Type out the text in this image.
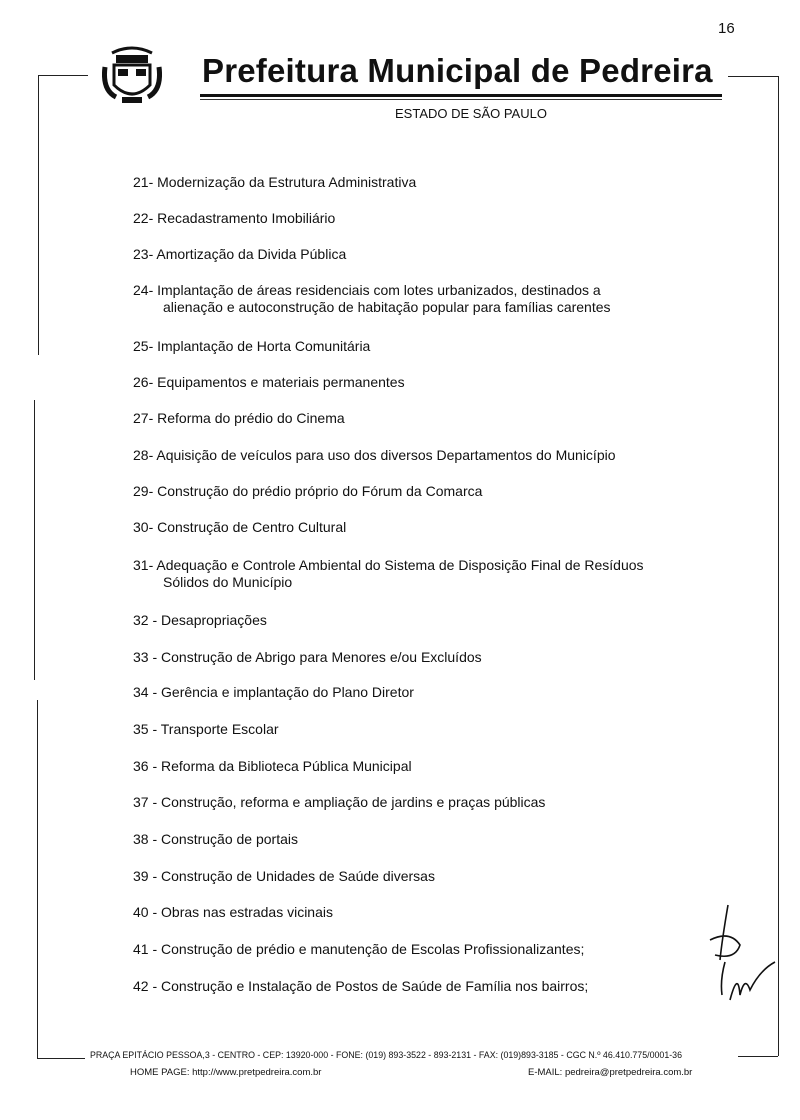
16
Prefeitura Municipal de Pedreira
ESTADO DE SÃO PAULO
21- Modernização da Estrutura Administrativa
22- Recadastramento Imobiliário
23- Amortização da Divida Pública
24- Implantação de áreas residenciais com lotes urbanizados, destinados a
alienação e autoconstrução de habitação popular para famílias carentes
25- Implantação de Horta Comunitária
26- Equipamentos e materiais permanentes
27- Reforma do prédio do Cinema
28- Aquisição de veículos para uso dos diversos Departamentos do Município
29- Construção do prédio próprio do Fórum da Comarca
30- Construção de Centro Cultural
31- Adequação e Controle Ambiental do Sistema de Disposição Final de Resíduos
Sólidos do Município
32 - Desapropriações
33 - Construção de Abrigo para Menores e/ou Excluídos
34 - Gerência e implantação do Plano Diretor
35 - Transporte Escolar
36 - Reforma da Biblioteca Pública Municipal
37 - Construção, reforma e ampliação de jardins e praças públicas
38 - Construção de portais
39 - Construção de Unidades de Saúde diversas
40 - Obras nas estradas vicinais
41 - Construção de prédio e manutenção de Escolas Profissionalizantes;
42 - Construção e Instalação de Postos de Saúde de Família nos bairros;
PRAÇA EPITÁCIO PESSOA,3 - CENTRO - CEP: 13920-000 - FONE: (019) 893-3522 - 893-2131 - FAX: (019)893-3185 - CGC N.º 46.410.775/0001-36
HOME PAGE: http://www.pretpedreira.com.br	E-MAIL: pedreira@pretpedreira.com.br
